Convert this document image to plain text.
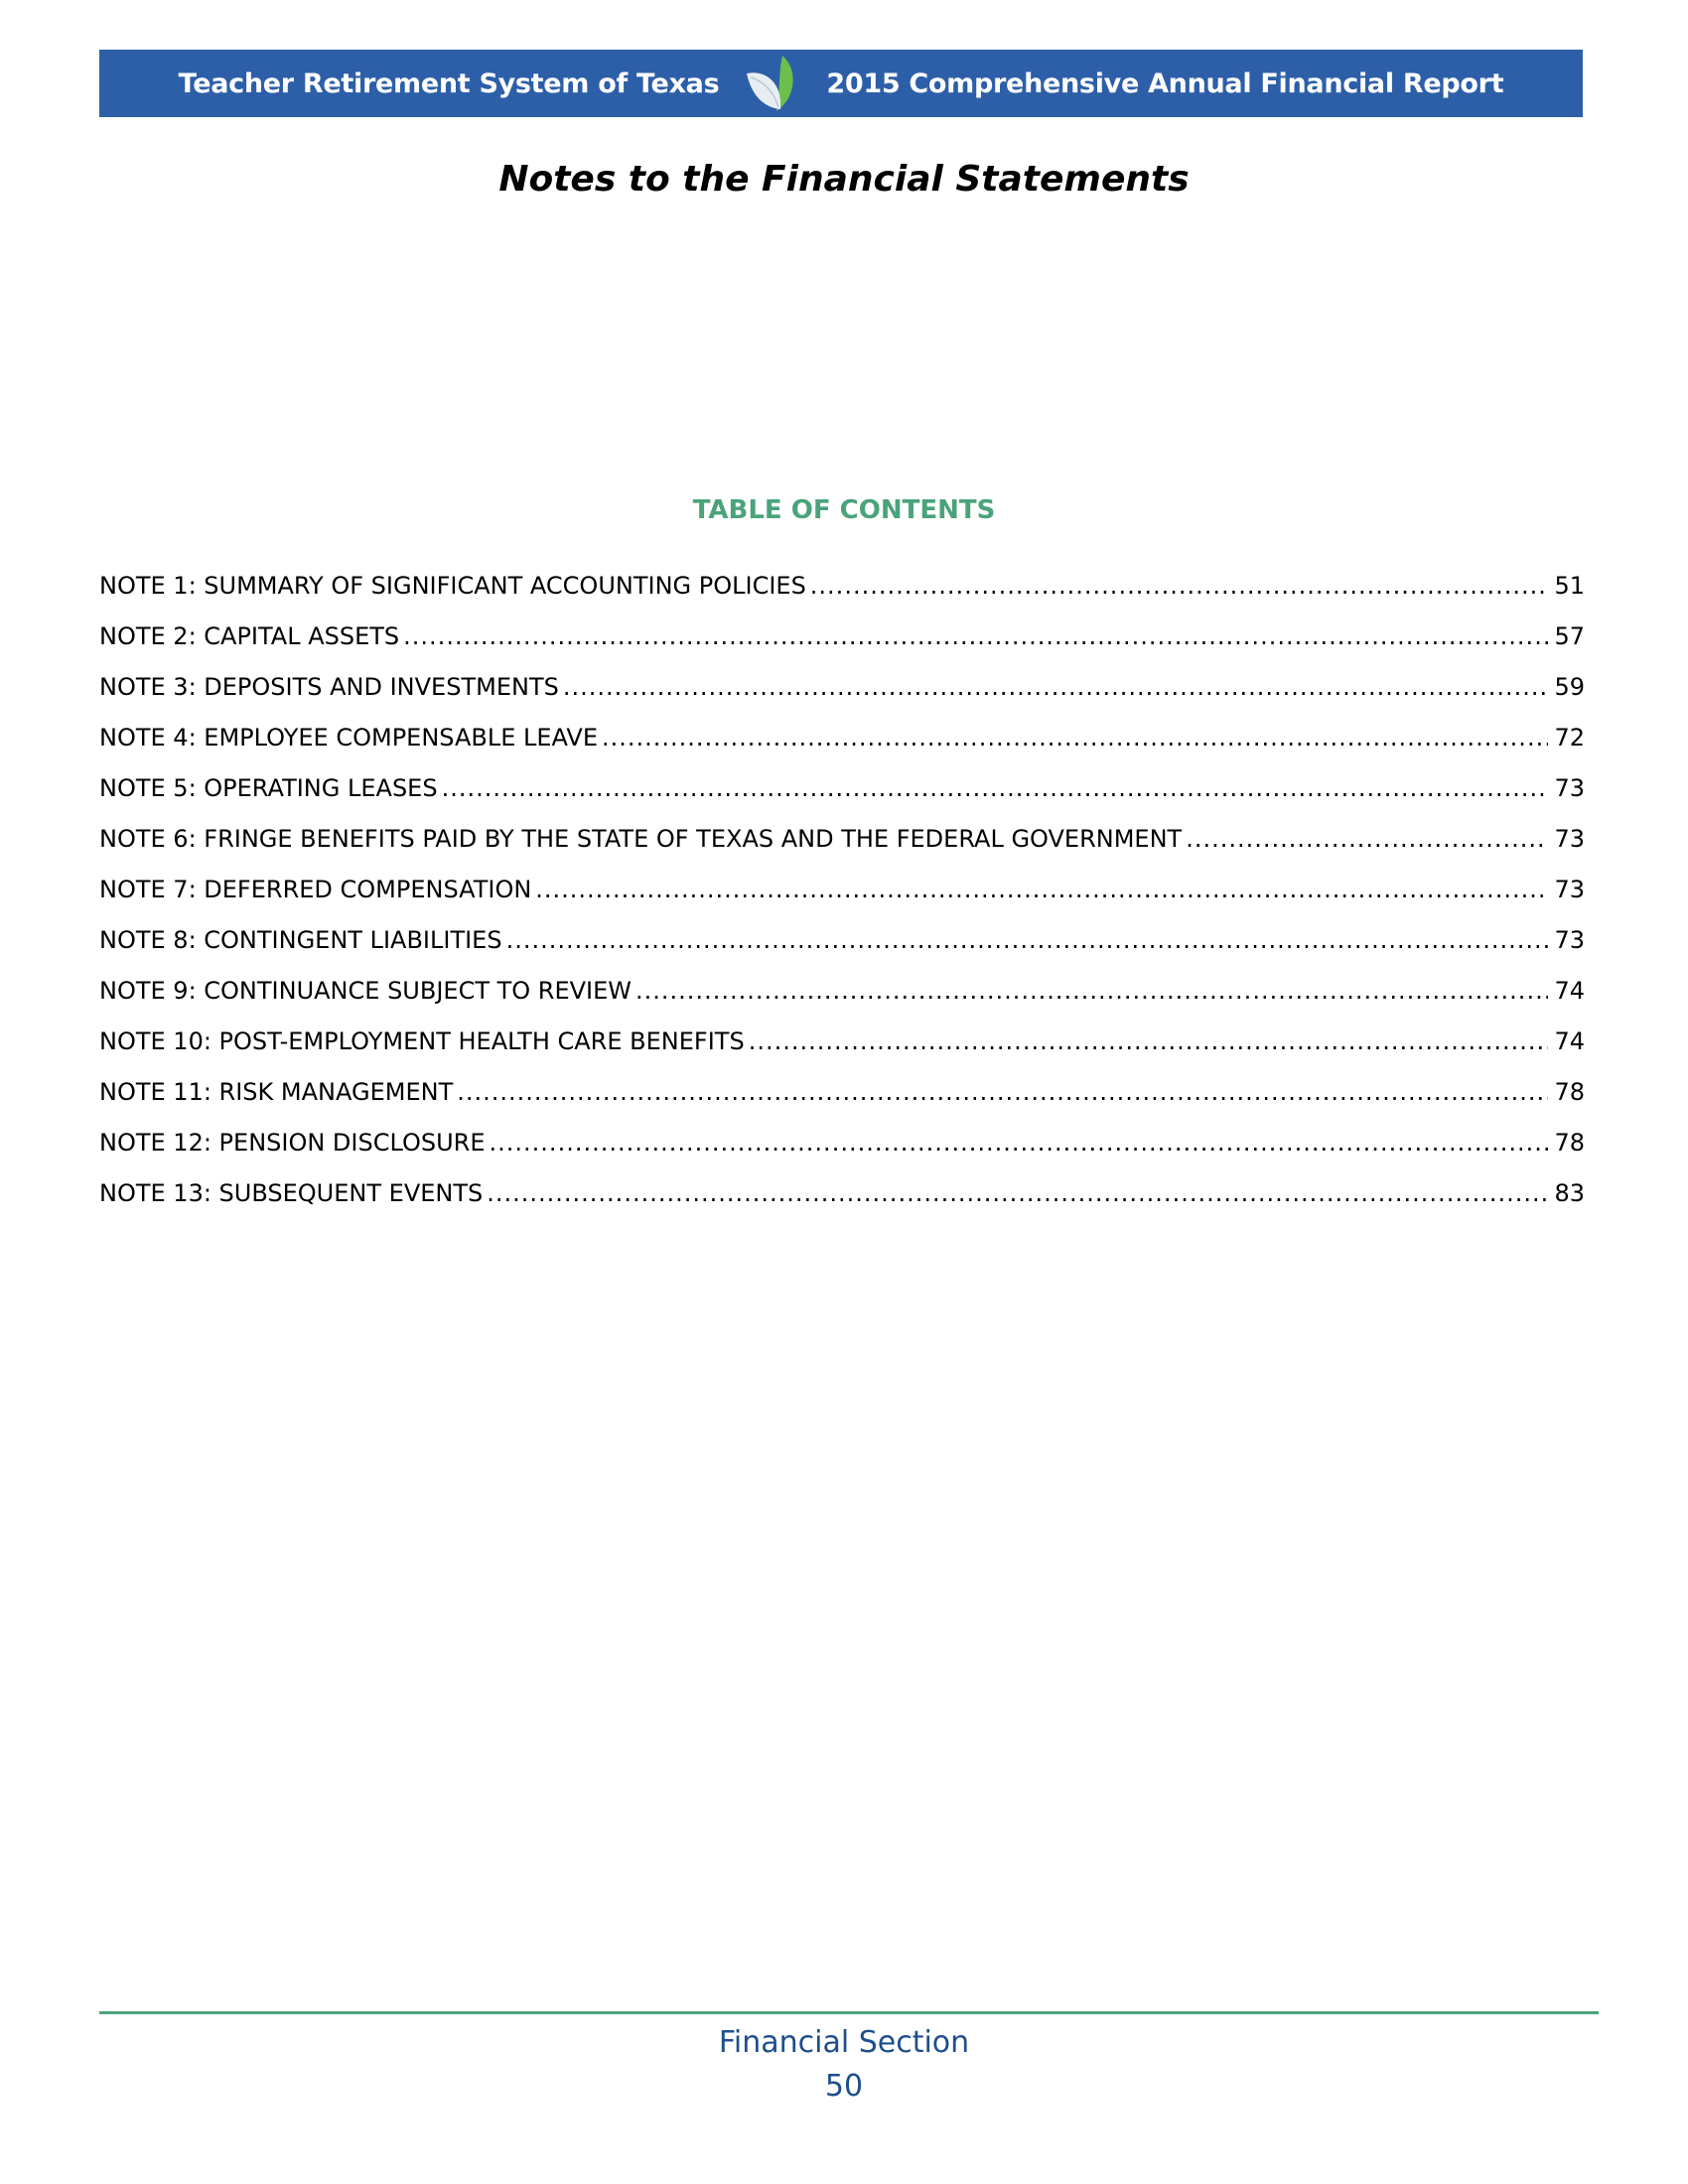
Teacher Retirement System of Texas	2015 Comprehensive Annual Financial Report
Notes to the Financial Statements
TABLE OF CONTENTS
NOTE 1: SUMMARY OF SIGNIFICANT ACCOUNTING POLICIES .....	51
NOTE 2: CAPITAL ASSETS .....	57
NOTE 3: DEPOSITS AND INVESTMENTS .....	59
NOTE 4: EMPLOYEE COMPENSABLE LEAVE .....	72
NOTE 5: OPERATING LEASES .....	73
NOTE 6: FRINGE BENEFITS PAID BY THE STATE OF TEXAS AND THE FEDERAL GOVERNMENT .....	73
NOTE 7: DEFERRED COMPENSATION .....	73
NOTE 8: CONTINGENT LIABILITIES .....	73
NOTE 9: CONTINUANCE SUBJECT TO REVIEW .....	74
NOTE 10: POST-EMPLOYMENT HEALTH CARE BENEFITS .....	74
NOTE 11: RISK MANAGEMENT .....	78
NOTE 12: PENSION DISCLOSURE .....	78
NOTE 13: SUBSEQUENT EVENTS .....	83
Financial Section
50
